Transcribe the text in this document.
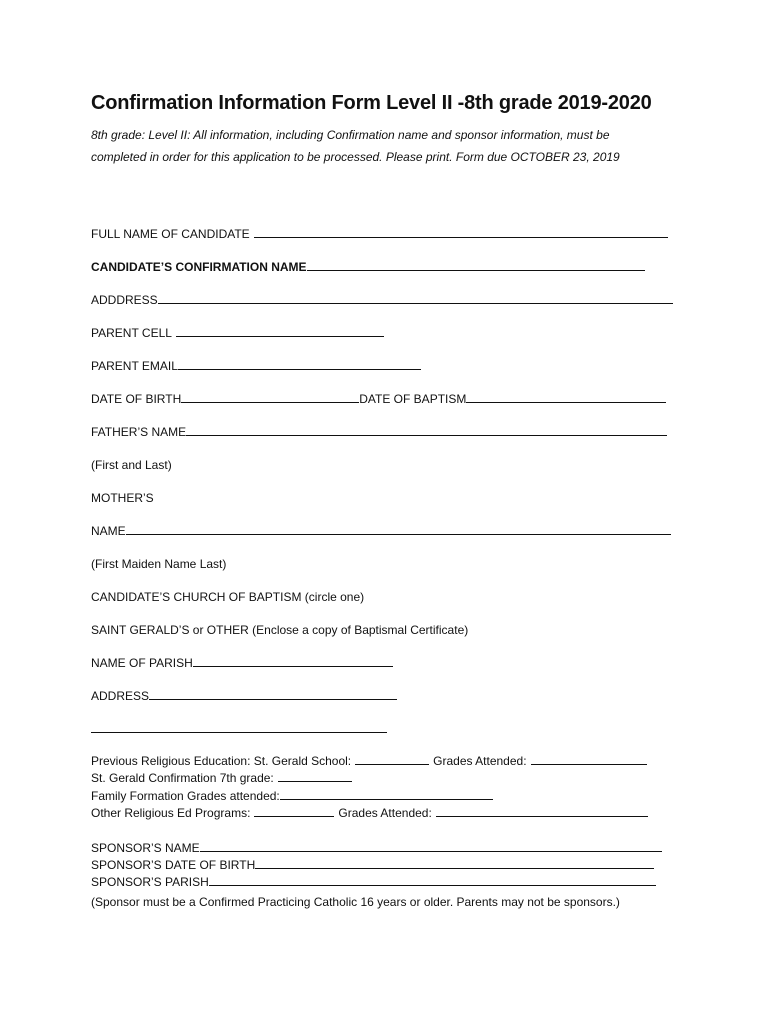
Confirmation Information Form Level II -8th grade 2019-2020

8th grade: Level II: All information, including Confirmation name and sponsor information, must be completed in order for this application to be processed. Please print. Form due OCTOBER 23, 2019

FULL NAME OF CANDIDATE
CANDIDATE’S CONFIRMATION NAME
ADDDRESS
PARENT CELL
PARENT EMAIL
DATE OF BIRTH	DATE OF BAPTISM
FATHER’S NAME
(First and Last)
MOTHER’S
NAME
(First Maiden Name Last)
CANDIDATE’S CHURCH OF BAPTISM (circle one)
SAINT GERALD’S or OTHER (Enclose a copy of Baptismal Certificate)
NAME OF PARISH
ADDRESS
Previous Religious Education: St. Gerald School:	Grades Attended:
St. Gerald Confirmation 7th grade:
Family Formation Grades attended:
Other Religious Ed Programs:	Grades Attended:
SPONSOR’S NAME
SPONSOR’S DATE OF BIRTH
SPONSOR’S PARISH
(Sponsor must be a Confirmed Practicing Catholic 16 years or older. Parents may not be sponsors.)
